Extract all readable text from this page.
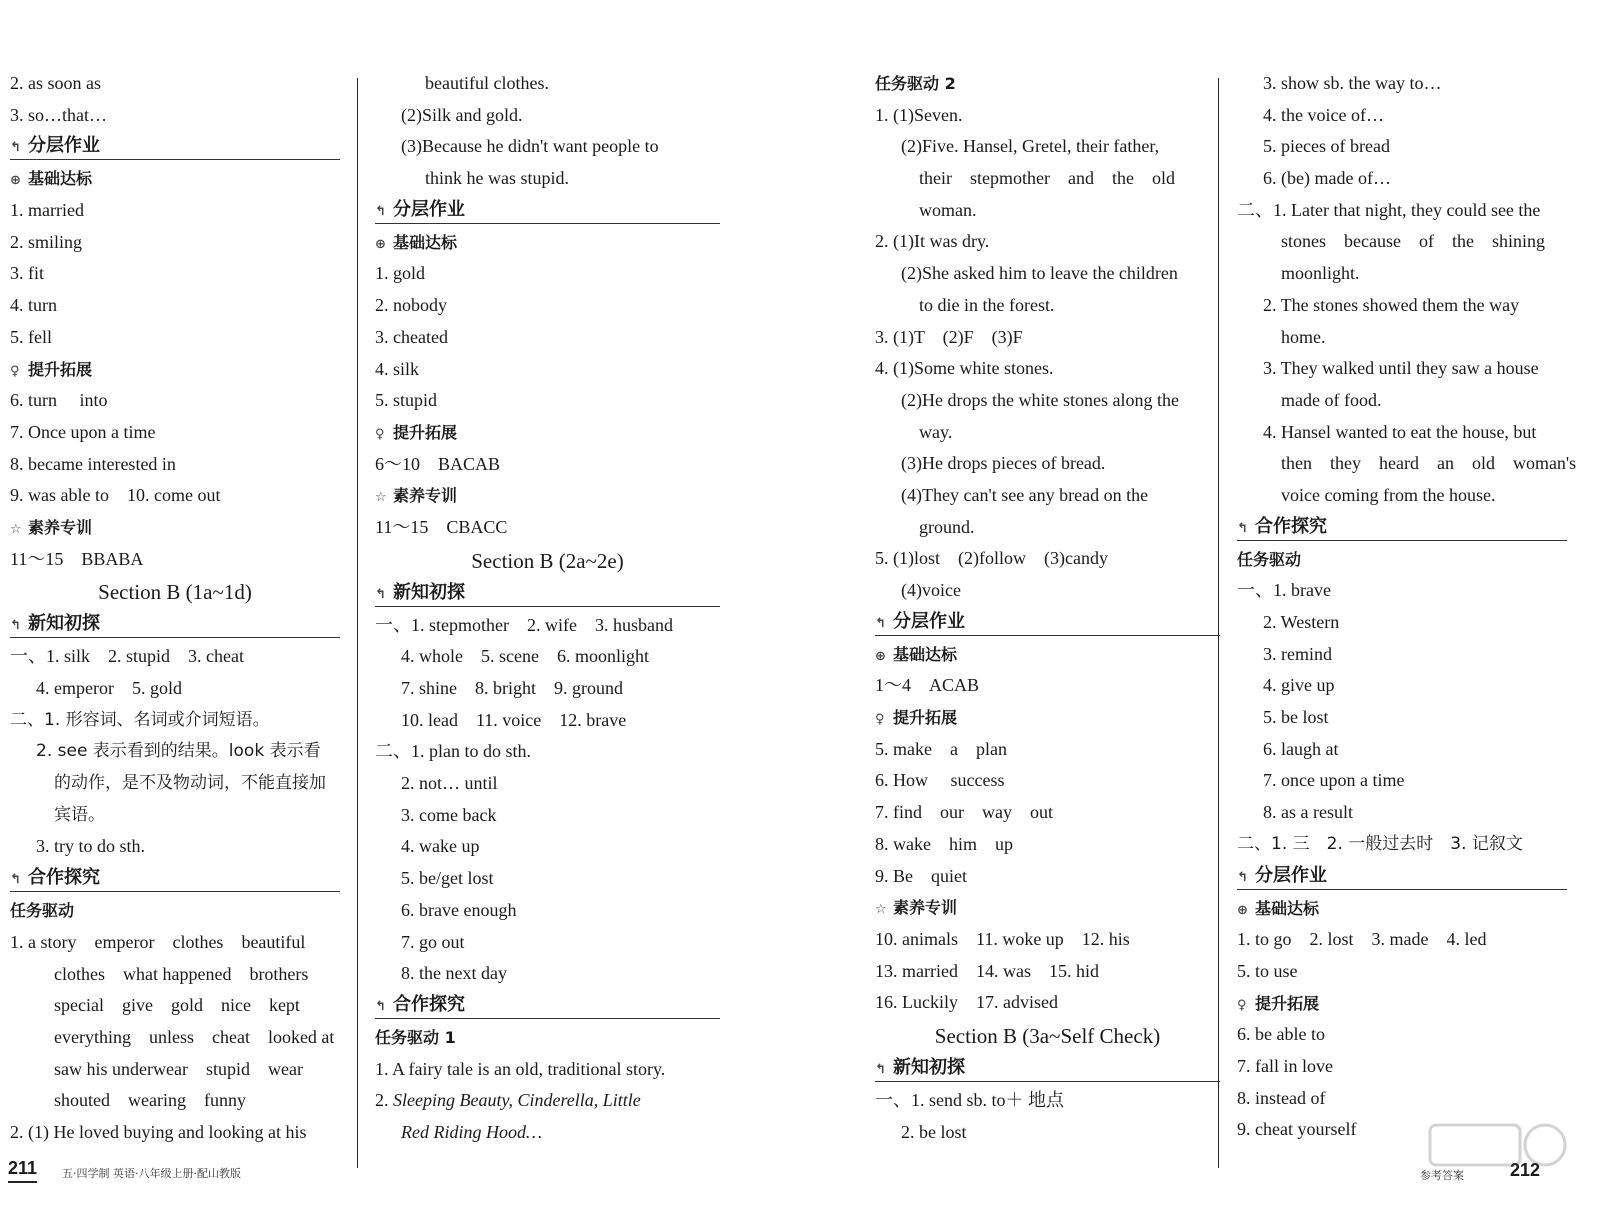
2. as soon as
3. so…that…
↰ 分层作业
⊕ 基础达标
1. married
2. smiling
3. fit
4. turn
5. fell
♀ 提升拓展
6. turn　 into
7. Once upon a time
8. became interested in
9. was able to　10. come out
☆ 素养专训
11～15　BBABA
Section B (1a~1d)
↰ 新知初探
一、1. silk　2. stupid　3. cheat
4. emperor　5. gold
二、1. 形容词、名词或介词短语。
2. see 表示看到的结果。look 表示看
的动作，是不及物动词，不能直接加
宾语。
3. try to do sth.
↰ 合作探究
任务驱动
1. a story　emperor　clothes　beautiful
clothes　what happened　brothers
special　give　gold　nice　kept
everything　unless　cheat　looked at
saw his underwear　stupid　wear
shouted　wearing　funny
2. (1) He loved buying and looking at his
beautiful clothes.
(2)Silk and gold.
(3)Because he didn't want people to
think he was stupid.
↰ 分层作业
⊕ 基础达标
1. gold
2. nobody
3. cheated
4. silk
5. stupid
♀ 提升拓展
6～10　BACAB
☆ 素养专训
11～15　CBACC
Section B (2a~2e)
↰ 新知初探
一、1. stepmother　2. wife　3. husband
4. whole　5. scene　6. moonlight
7. shine　8. bright　9. ground
10. lead　11. voice　12. brave
二、1. plan to do sth.
2. not… until
3. come back
4. wake up
5. be/get lost
6. brave enough
7. go out
8. the next day
↰ 合作探究
任务驱动 1
1. A fairy tale is an old, traditional story.
2. Sleeping Beauty, Cinderella, Little
Red Riding Hood…
任务驱动 2
1. (1)Seven.
(2)Five. Hansel, Gretel, their father,
their　stepmother　and　the　old
woman.
2. (1)It was dry.
(2)She asked him to leave the children
to die in the forest.
3. (1)T　(2)F　(3)F
4. (1)Some white stones.
(2)He drops the white stones along the
way.
(3)He drops pieces of bread.
(4)They can't see any bread on the
ground.
5. (1)lost　(2)follow　(3)candy
(4)voice
↰ 分层作业
⊕ 基础达标
1～4　ACAB
♀ 提升拓展
5. make　a　plan
6. How　 success
7. find　our　way　out
8. wake　him　up
9. Be　quiet
☆ 素养专训
10. animals　11. woke up　12. his
13. married　14. was　15. hid
16. Luckily　17. advised
Section B (3a~Self Check)
↰ 新知初探
一、1. send sb. to＋ 地点
2. be lost
3. show sb. the way to…
4. the voice of…
5. pieces of bread
6. (be) made of…
二、1. Later that night, they could see the
stones　because　of　the　shining
moonlight.
2. The stones showed them the way
home.
3. They walked until they saw a house
made of food.
4. Hansel wanted to eat the house, but
then　they　heard　an　old　woman's
voice coming from the house.
↰ 合作探究
任务驱动
一、1. brave
2. Western
3. remind
4. give up
5. be lost
6. laugh at
7. once upon a time
8. as a result
二、1. 三　2. 一般过去时　3. 记叙文
↰ 分层作业
⊕ 基础达标
1. to go　2. lost　3. made　4. led
5. to use
♀ 提升拓展
6. be able to
7. fall in love
8. instead of
9. cheat yourself
211 五·四学制 英语·八年级上册·配山教版	参考答案	212
